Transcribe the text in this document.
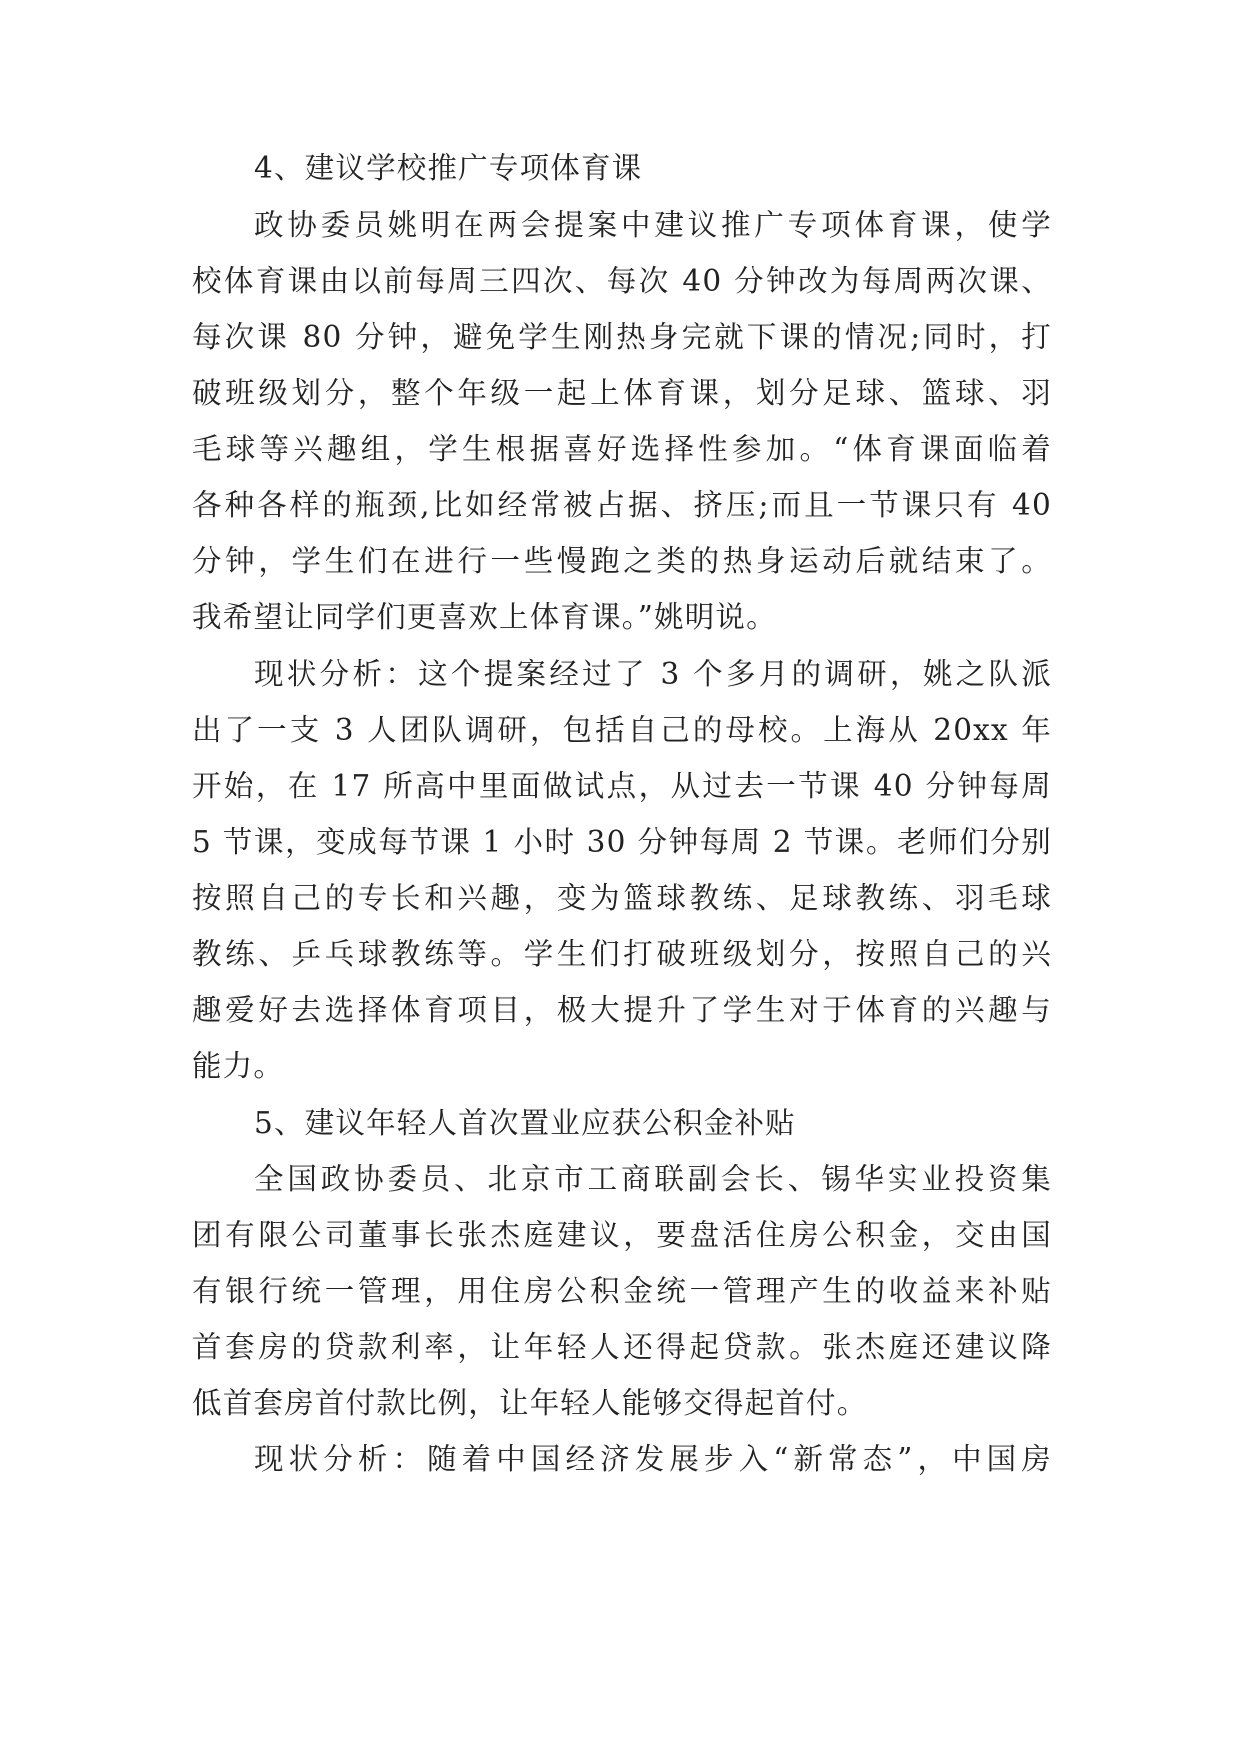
4、建议学校推广专项体育课
政协委员姚明在两会提案中建议推广专项体育课，使学
校体育课由以前每周三四次、每次 40 分钟改为每周两次课、
每次课 80 分钟，避免学生刚热身完就下课的情况;同时，打
破班级划分，整个年级一起上体育课，划分足球、篮球、羽
毛球等兴趣组，学生根据喜好选择性参加。“体育课面临着
各种各样的瓶颈,比如经常被占据、挤压;而且一节课只有 40
分钟，学生们在进行一些慢跑之类的热身运动后就结束了。
我希望让同学们更喜欢上体育课。”姚明说。
现状分析：这个提案经过了 3 个多月的调研，姚之队派
出了一支 3 人团队调研，包括自己的母校。上海从 20xx 年
开始，在 17 所高中里面做试点，从过去一节课 40 分钟每周
5 节课，变成每节课 1 小时 30 分钟每周 2 节课。老师们分别
按照自己的专长和兴趣，变为篮球教练、足球教练、羽毛球
教练、乒乓球教练等。学生们打破班级划分，按照自己的兴
趣爱好去选择体育项目，极大提升了学生对于体育的兴趣与
能力。
5、建议年轻人首次置业应获公积金补贴
全国政协委员、北京市工商联副会长、锡华实业投资集
团有限公司董事长张杰庭建议，要盘活住房公积金，交由国
有银行统一管理，用住房公积金统一管理产生的收益来补贴
首套房的贷款利率，让年轻人还得起贷款。张杰庭还建议降
低首套房首付款比例，让年轻人能够交得起首付。
现状分析：随着中国经济发展步入“新常态”，中国房
